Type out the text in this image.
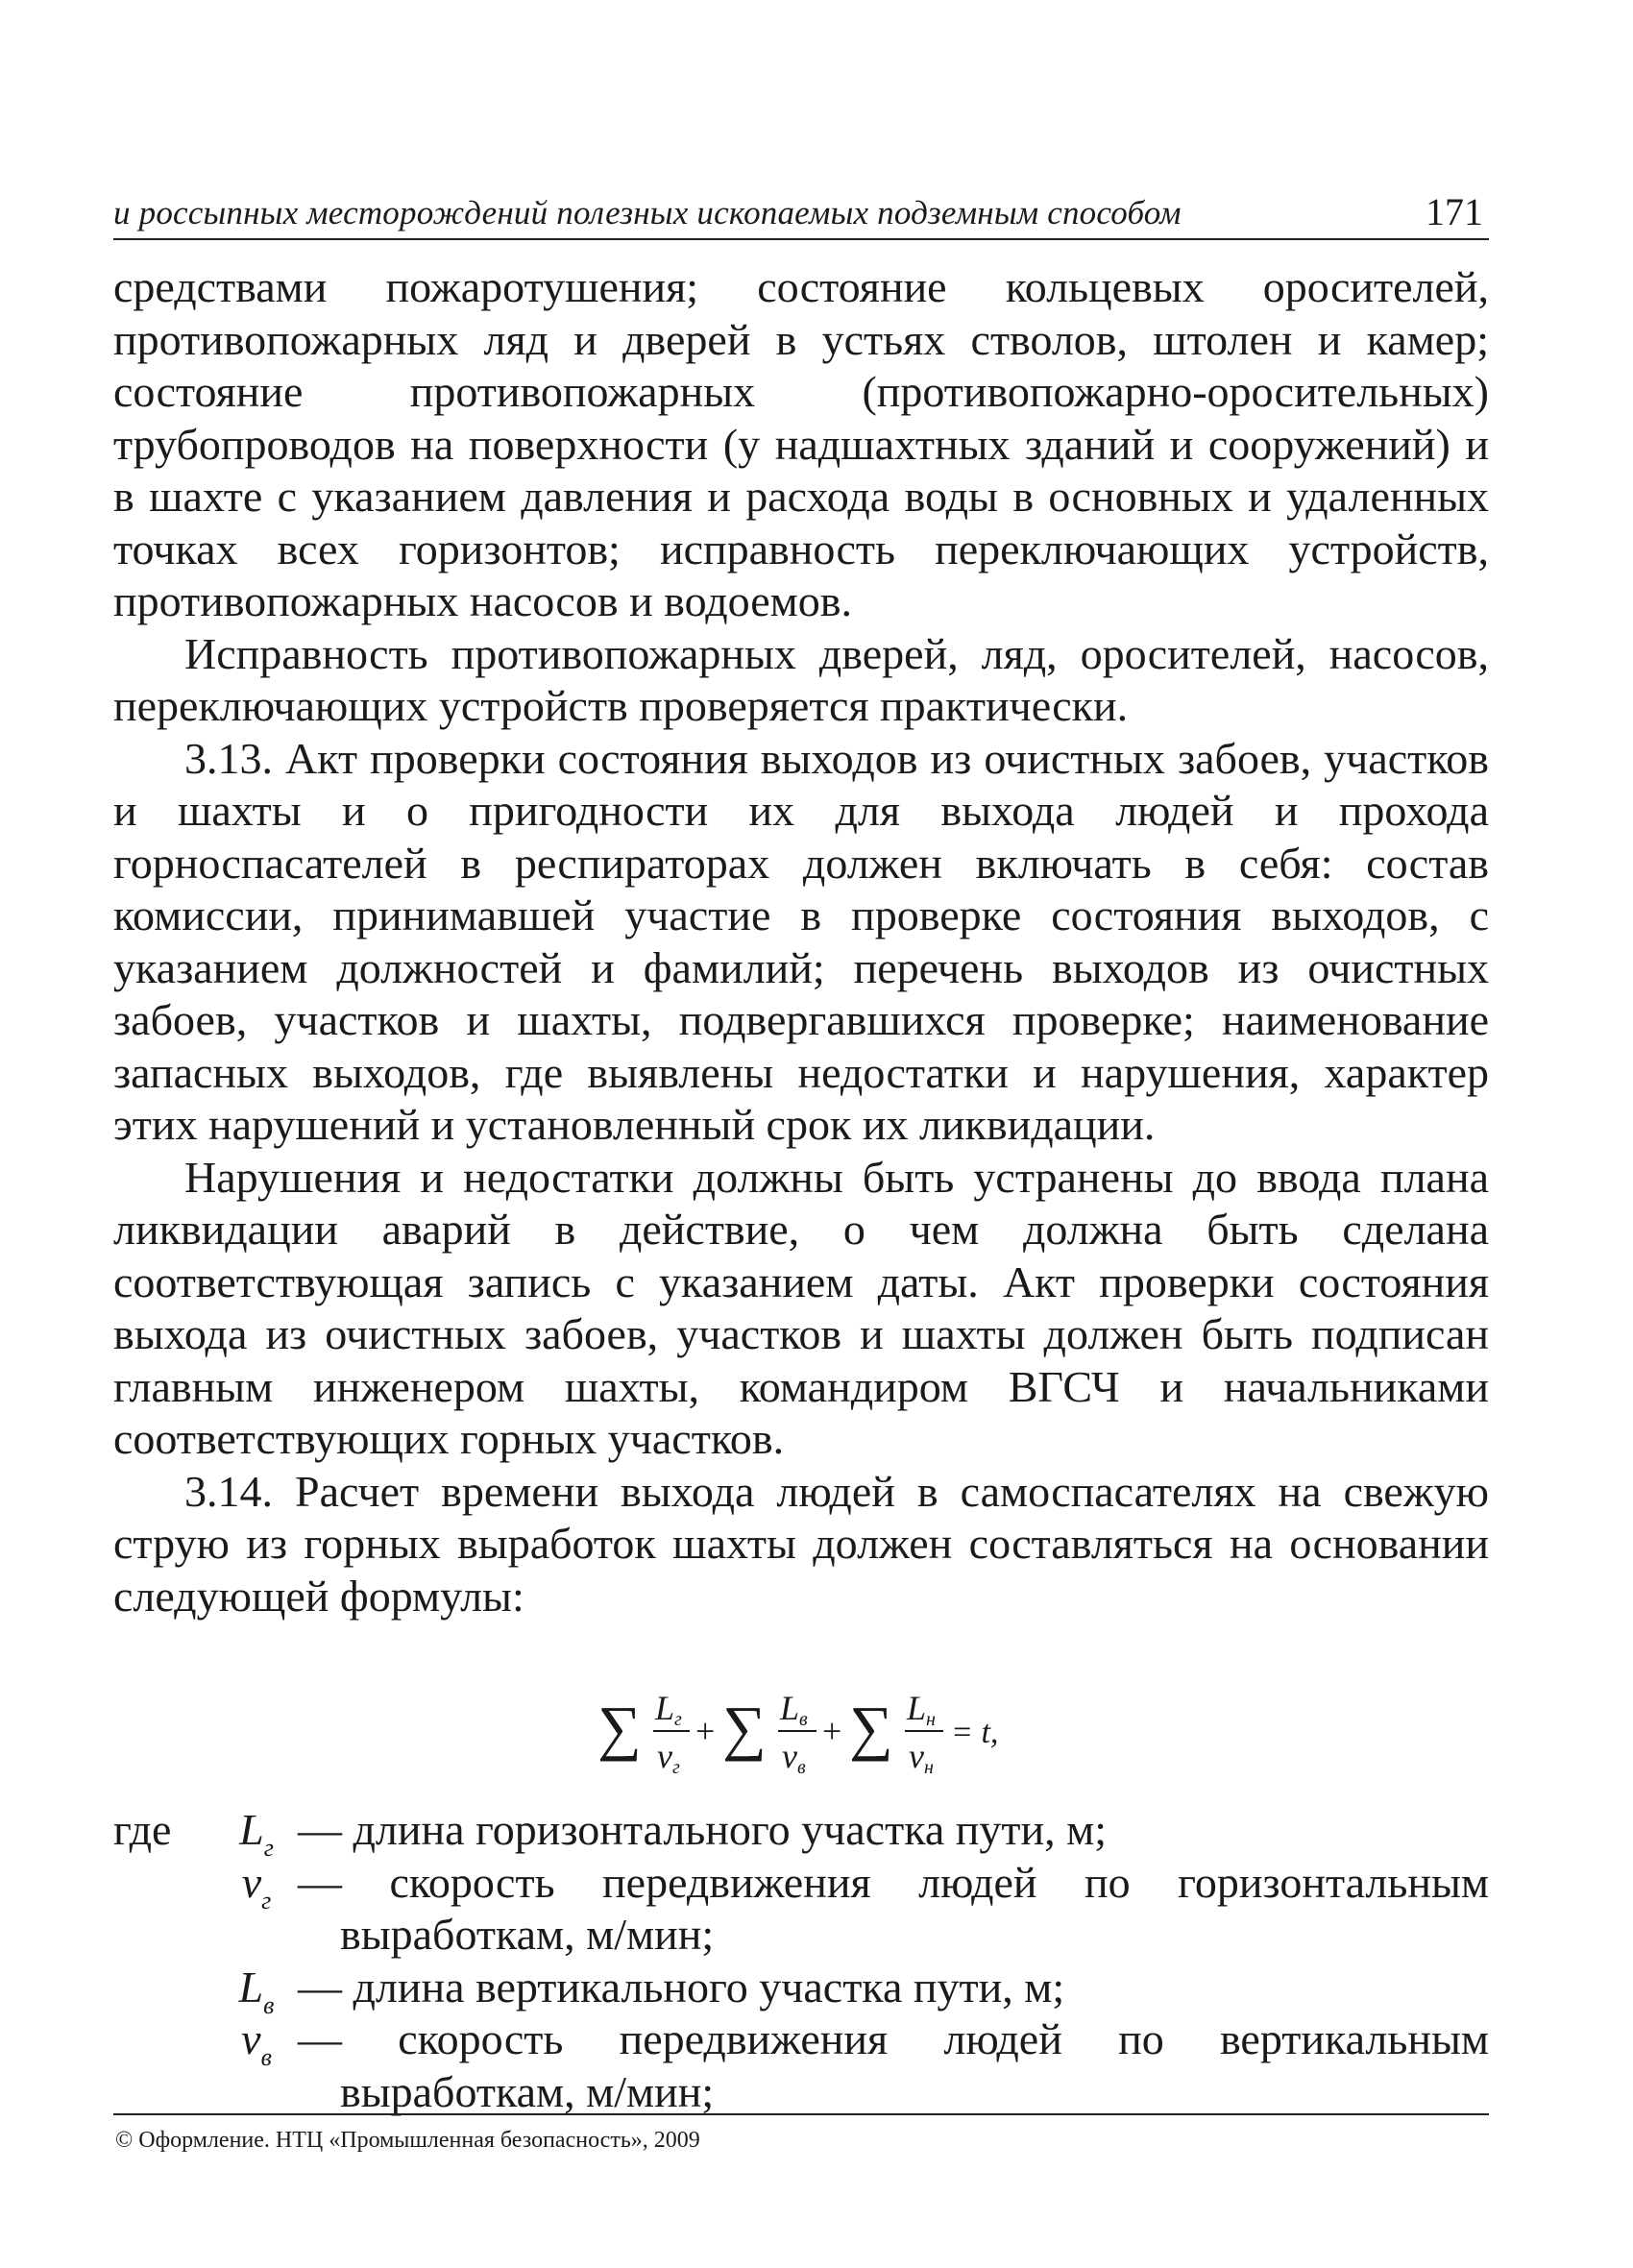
и россыпных месторождений полезных ископаемых подземным способом	171

средствами пожаротушения; состояние кольцевых оросителей, противопожарных ляд и дверей в устьях стволов, штолен и камер; состояние противопожарных (противопожарно-оросительных) трубопроводов на поверхности (у надшахтных зданий и сооружений) и в шахте с указанием давления и расхода воды в основных и удаленных точках всех горизонтов; исправность переключающих устройств, противопожарных насосов и водоемов.

Исправность противопожарных дверей, ляд, оросителей, насосов, переключающих устройств проверяется практически.

3.13. Акт проверки состояния выходов из очистных забоев, участков и шахты и о пригодности их для выхода людей и прохода горноспасателей в респираторах должен включать в себя: состав комиссии, принимавшей участие в проверке состояния выходов, с указанием должностей и фамилий; перечень выходов из очистных забоев, участков и шахты, подвергавшихся проверке; наименование запасных выходов, где выявлены недостатки и нарушения, характер этих нарушений и установленный срок их ликвидации.

Нарушения и недостатки должны быть устранены до ввода плана ликвидации аварий в действие, о чем должна быть сделана соответствующая запись с указанием даты. Акт проверки состояния выхода из очистных забоев, участков и шахты должен быть подписан главным инженером шахты, командиром ВГСЧ и начальниками соответствующих горных участков.

3.14. Расчет времени выхода людей в самоспасателях на свежую струю из горных выработок шахты должен составляться на основании следующей формулы:

∑ Lг
vг
+ ∑ Lв
vв
+ ∑ Lн
vн
= t,
где	$L_г$ — длина горизонтального участка пути, м;
$v_г$ — скорость передвижения людей по горизонтальным выработкам, м/мин;
$L_в$ — длина вертикального участка пути, м;
$v_в$ — скорость передвижения людей по вертикальным выработкам, м/мин;
© Оформление. НТЦ «Промышленная безопасность», 2009
